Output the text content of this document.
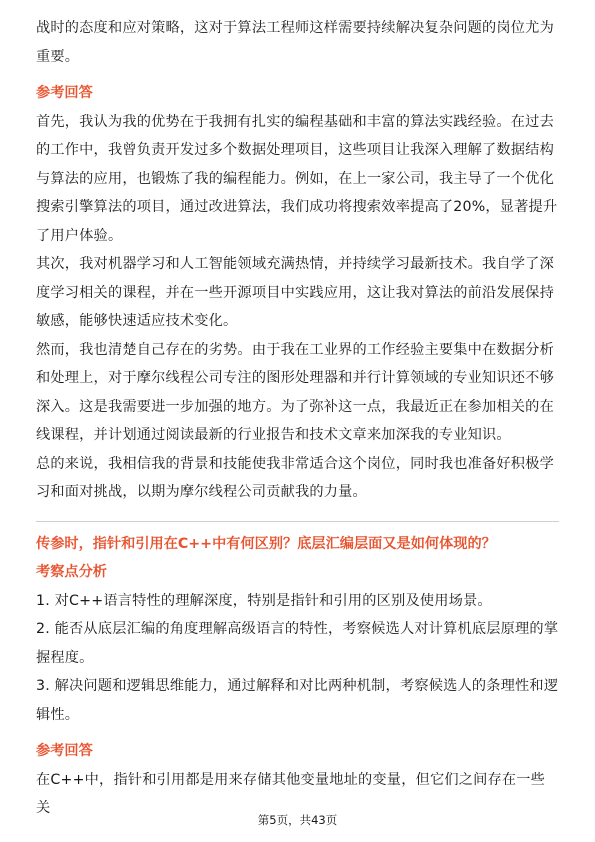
战时的态度和应对策略，这对于算法工程师这样需要持续解决复杂问题的岗位尤为重要。

参考回答

首先，我认为我的优势在于我拥有扎实的编程基础和丰富的算法实践经验。在过去的工作中，我曾负责开发过多个数据处理项目，这些项目让我深入理解了数据结构与算法的应用，也锻炼了我的编程能力。例如，在上一家公司，我主导了一个优化搜索引擎算法的项目，通过改进算法，我们成功将搜索效率提高了20%，显著提升了用户体验。

其次，我对机器学习和人工智能领域充满热情，并持续学习最新技术。我自学了深度学习相关的课程，并在一些开源项目中实践应用，这让我对算法的前沿发展保持敏感，能够快速适应技术变化。

然而，我也清楚自己存在的劣势。由于我在工业界的工作经验主要集中在数据分析和处理上，对于摩尔线程公司专注的图形处理器和并行计算领域的专业知识还不够深入。这是我需要进一步加强的地方。为了弥补这一点，我最近正在参加相关的在线课程，并计划通过阅读最新的行业报告和技术文章来加深我的专业知识。

总的来说，我相信我的背景和技能使我非常适合这个岗位，同时我也准备好积极学习和面对挑战，以期为摩尔线程公司贡献我的力量。

传参时，指针和引用在C++中有何区别？底层汇编层面又是如何体现的？
考察点分析

1. 对C++语言特性的理解深度，特别是指针和引用的区别及使用场景。

2. 能否从底层汇编的角度理解高级语言的特性，考察候选人对计算机底层原理的掌握程度。

3. 解决问题和逻辑思维能力，通过解释和对比两种机制，考察候选人的条理性和逻辑性。

参考回答

在C++中，指针和引用都是用来存储其他变量地址的变量，但它们之间存在一些关

第5页，共43页
